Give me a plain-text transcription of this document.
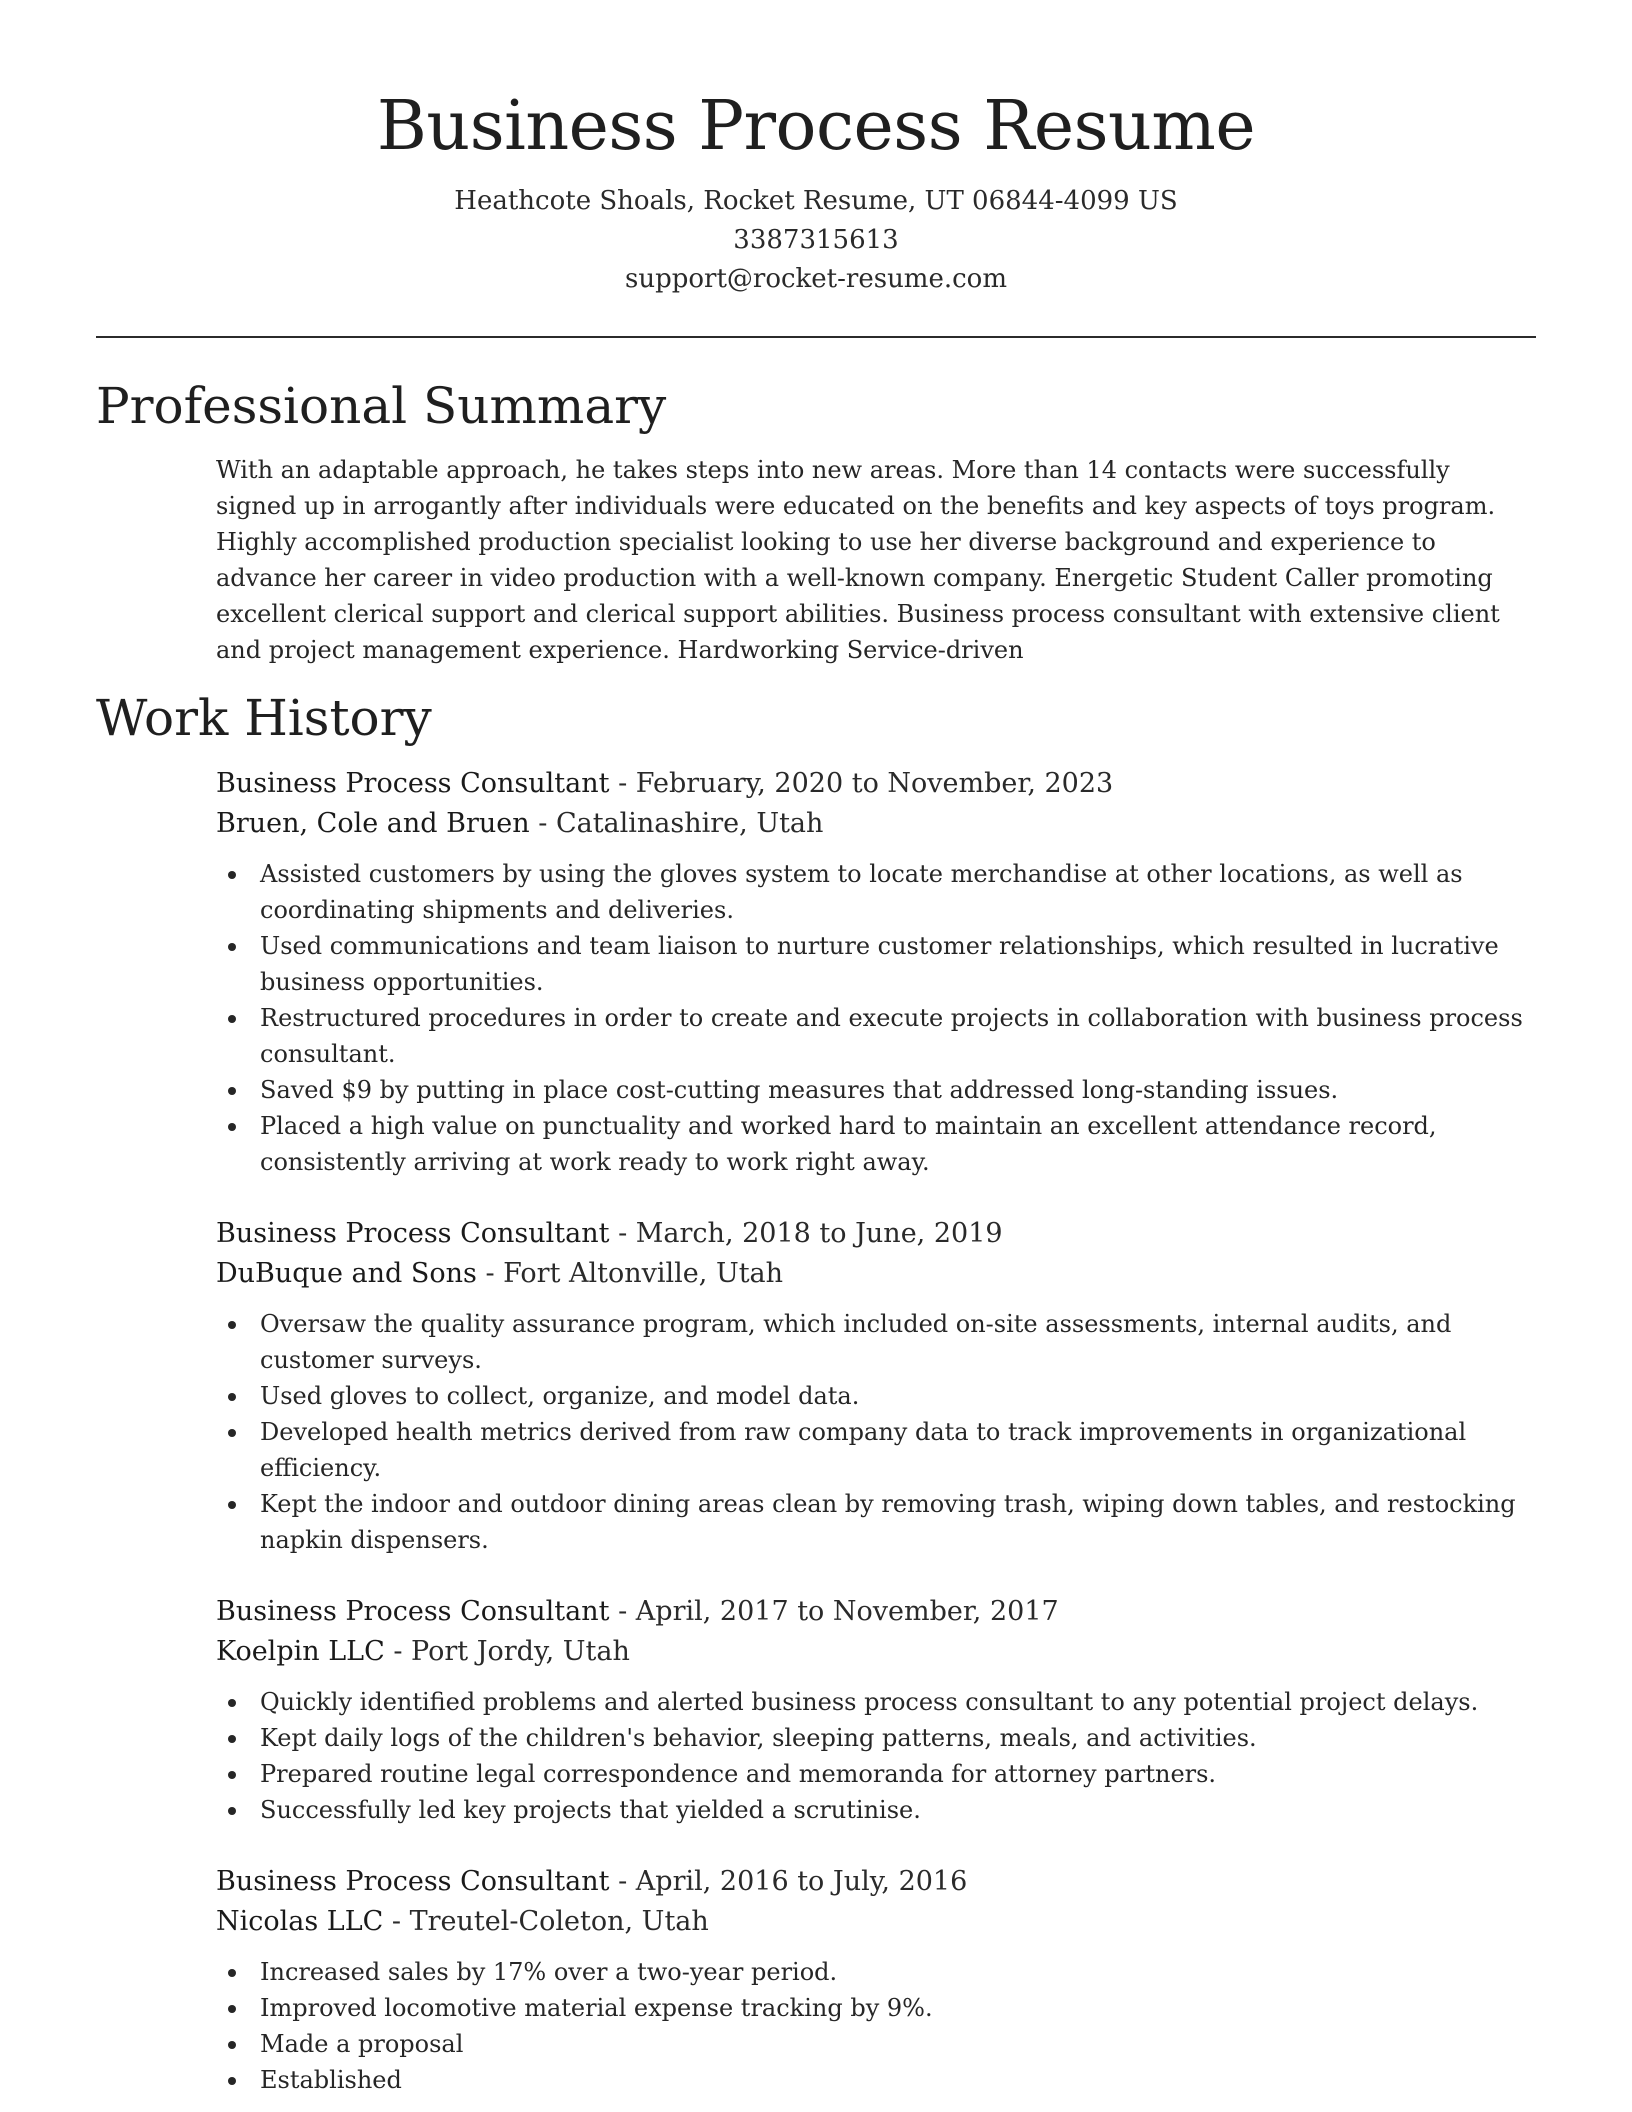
Business Process Resume

Heathcote Shoals, Rocket Resume, UT 06844-4099 US

3387315613

support@rocket-resume.com

Professional Summary

With an adaptable approach, he takes steps into new areas. More than 14 contacts were successfully signed up in arrogantly after individuals were educated on the benefits and key aspects of toys program. Highly accomplished production specialist looking to use her diverse background and experience to advance her career in video production with a well-known company. Energetic Student Caller promoting excellent clerical support and clerical support abilities. Business process consultant with extensive client and project management experience. Hardworking Service-driven

Work History

Business Process Consultant - February, 2020 to November, 2023

Bruen, Cole and Bruen - Catalinashire, Utah

Assisted customers by using the gloves system to locate merchandise at other locations, as well as coordinating shipments and deliveries.
Used communications and team liaison to nurture customer relationships, which resulted in lucrative business opportunities.
Restructured procedures in order to create and execute projects in collaboration with business process consultant.
Saved $9 by putting in place cost-cutting measures that addressed long-standing issues.
Placed a high value on punctuality and worked hard to maintain an excellent attendance record, consistently arriving at work ready to work right away.

Business Process Consultant - March, 2018 to June, 2019

DuBuque and Sons - Fort Altonville, Utah

Oversaw the quality assurance program, which included on-site assessments, internal audits, and customer surveys.
Used gloves to collect, organize, and model data.
Developed health metrics derived from raw company data to track improvements in organizational efficiency.
Kept the indoor and outdoor dining areas clean by removing trash, wiping down tables, and restocking napkin dispensers.

Business Process Consultant - April, 2017 to November, 2017

Koelpin LLC - Port Jordy, Utah

Quickly identified problems and alerted business process consultant to any potential project delays.
Kept daily logs of the children's behavior, sleeping patterns, meals, and activities.
Prepared routine legal correspondence and memoranda for attorney partners.
Successfully led key projects that yielded a scrutinise.

Business Process Consultant - April, 2016 to July, 2016

Nicolas LLC - Treutel-Coleton, Utah

Increased sales by 17% over a two-year period.
Improved locomotive material expense tracking by 9%.
Made a proposal
Established
